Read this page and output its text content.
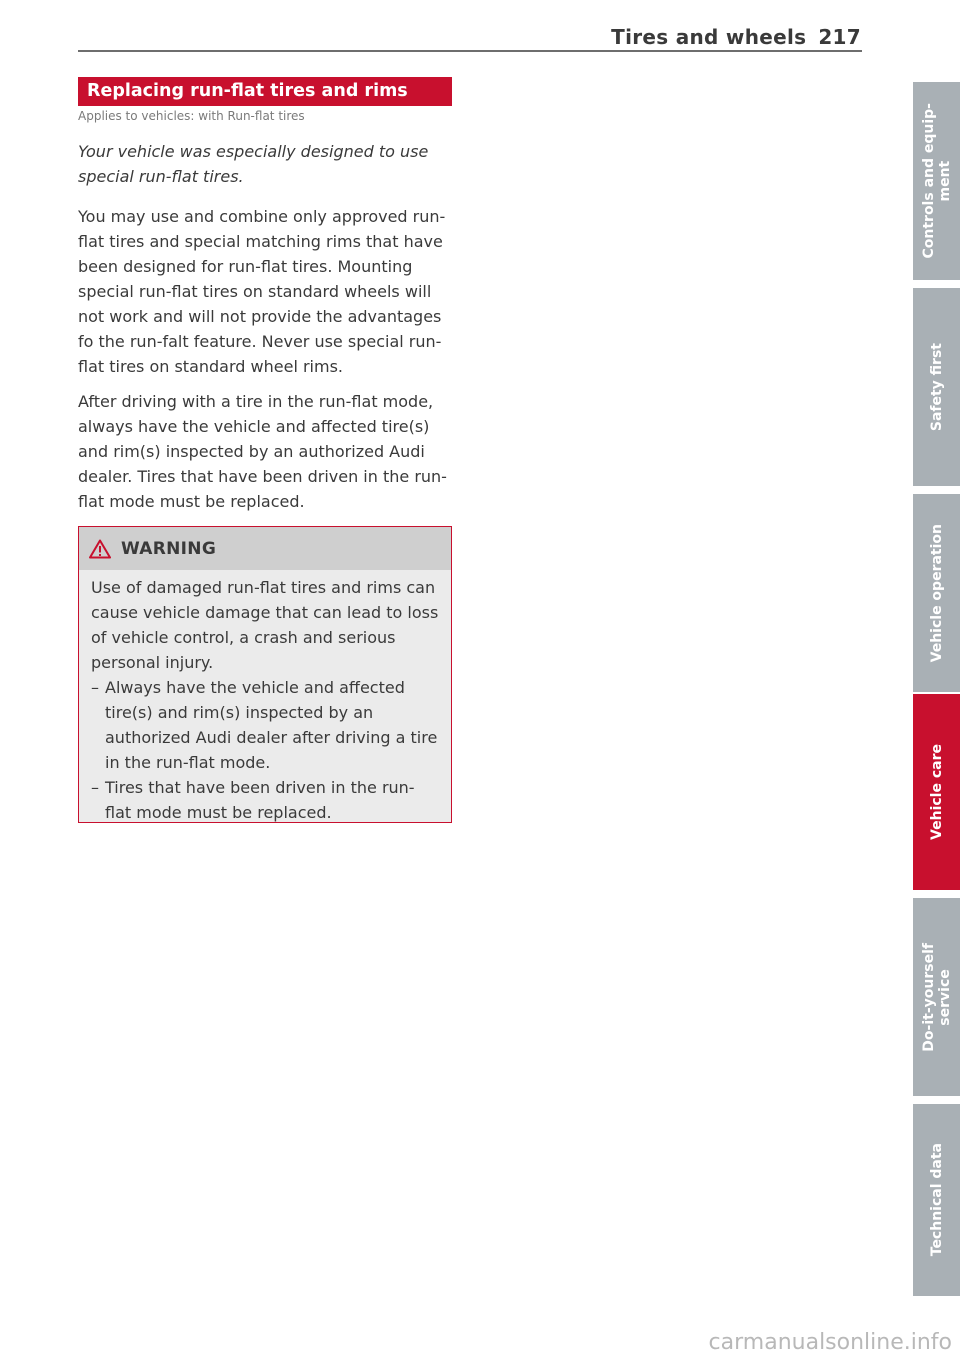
Tires and wheels 217
Replacing run-flat tires and rims
Applies to vehicles: with Run-flat tires
Your vehicle was especially designed to use special run-flat tires.
You may use and combine only approved run-flat tires and special matching rims that have been designed for run-flat tires. Mounting special run-flat tires on standard wheels will not work and will not provide the advantages fo the run-falt feature. Never use special run-flat tires on standard wheel rims.
After driving with a tire in the run-flat mode, always have the vehicle and affected tire(s) and rim(s) inspected by an authorized Audi dealer. Tires that have been driven in the run-flat mode must be replaced.
WARNING

Use of damaged run-flat tires and rims can cause vehicle damage that can lead to loss of vehicle control, a crash and serious personal injury.

– Always have the vehicle and affected tire(s) and rim(s) inspected by an authorized Audi dealer after driving a tire in the run-flat mode.
– Tires that have been driven in the run-flat mode must be replaced.
Controls and equip-
ment
Safety first
Vehicle operation
Vehicle care
Do-it-yourself
service
Technical data
carmanualsonline.info
